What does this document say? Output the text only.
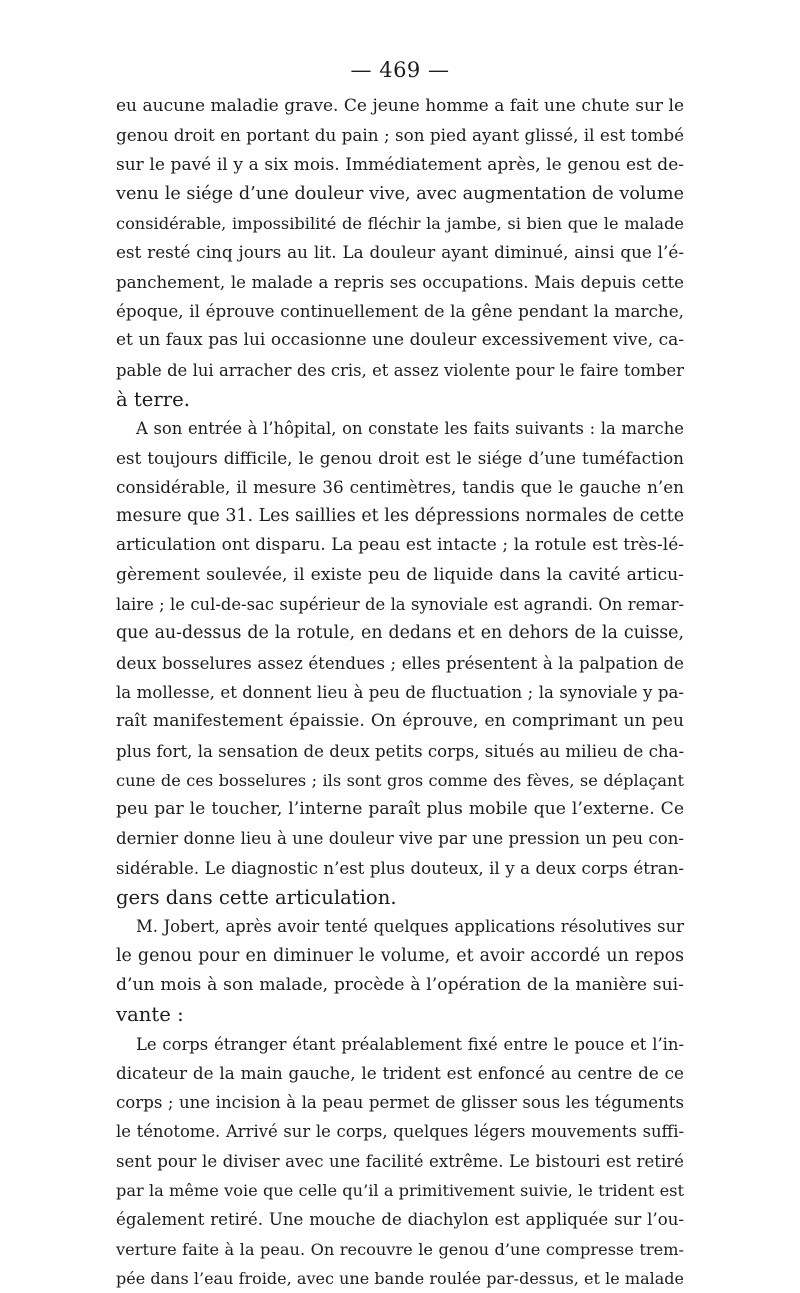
— 469 —
eu aucune maladie grave. Ce jeune homme a fait une chute sur le
genou droit en portant du pain ; son pied ayant glissé, il est tombé
sur le pavé il y a six mois. Immédiatement après, le genou est de-
venu le siége d’une douleur vive, avec augmentation de volume
considérable, impossibilité de fléchir la jambe, si bien que le malade
est resté cinq jours au lit. La douleur ayant diminué, ainsi que l’é-
panchement, le malade a repris ses occupations. Mais depuis cette
époque, il éprouve continuellement de la gêne pendant la marche,
et un faux pas lui occasionne une douleur excessivement vive, ca-
pable de lui arracher des cris, et assez violente pour le faire tomber
à terre.
A son entrée à l’hôpital, on constate les faits suivants : la marche
est toujours difficile, le genou droit est le siége d’une tuméfaction
considérable, il mesure 36 centimètres, tandis que le gauche n’en
mesure que 31. Les saillies et les dépressions normales de cette
articulation ont disparu. La peau est intacte ; la rotule est très-lé-
gèrement soulevée, il existe peu de liquide dans la cavité articu-
laire ; le cul-de-sac supérieur de la synoviale est agrandi. On remar-
que au-dessus de la rotule, en dedans et en dehors de la cuisse,
deux bosselures assez étendues ; elles présentent à la palpation de
la mollesse, et donnent lieu à peu de fluctuation ; la synoviale y pa-
raît manifestement épaissie. On éprouve, en comprimant un peu
plus fort, la sensation de deux petits corps, situés au milieu de cha-
cune de ces bosselures ; ils sont gros comme des fèves, se déplaçant
peu par le toucher, l’interne paraît plus mobile que l’externe. Ce
dernier donne lieu à une douleur vive par une pression un peu con-
sidérable. Le diagnostic n’est plus douteux, il y a deux corps étran-
gers dans cette articulation.
M. Jobert, après avoir tenté quelques applications résolutives sur
le genou pour en diminuer le volume, et avoir accordé un repos
d’un mois à son malade, procède à l’opération de la manière sui-
vante :
Le corps étranger étant préalablement fixé entre le pouce et l’in-
dicateur de la main gauche, le trident est enfoncé au centre de ce
corps ; une incision à la peau permet de glisser sous les téguments
le ténotome. Arrivé sur le corps, quelques légers mouvements suffi-
sent pour le diviser avec une facilité extrême. Le bistouri est retiré
par la même voie que celle qu’il a primitivement suivie, le trident est
également retiré. Une mouche de diachylon est appliquée sur l’ou-
verture faite à la peau. On recouvre le genou d’une compresse trem-
pée dans l’eau froide, avec une bande roulée par-dessus, et le malade
